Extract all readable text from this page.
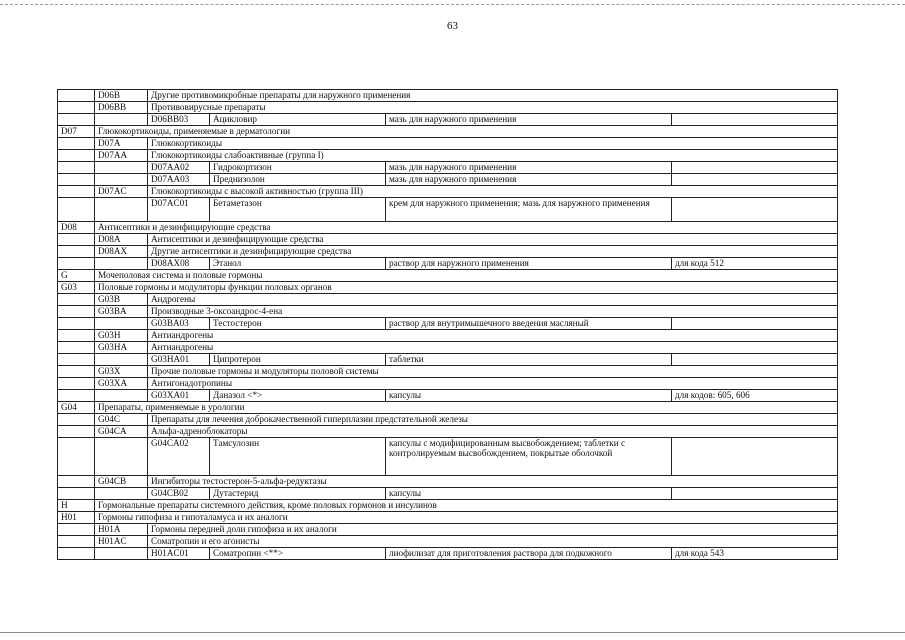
63
	D06B	Другие противомикробные препараты для наружного применения			
	D06BB	Противовирусные препараты			
		D06BB03	Ацикловир	мазь для наружного применения	
D07	Глюкокортикоиды, применяемые в дерматологии				
	D07A	Глюкокортикоиды			
	D07AA	Глюкокортикоиды слабоактивные (группа I)			
		D07AA02	Гидрокортизон	мазь для наружного применения	
		D07AA03	Преднизолон	мазь для наружного применения	
	D07AC	Глюкокортикоиды с высокой активностью (группа III)			
		D07AC01	Бетаметазон	крем для наружного применения; мазь для наружного применения	
D08	Антисептики и дезинфицирующие средства				
	D08A	Антисептики и дезинфицирующие средства			
	D08AX	Другие антисептики и дезинфицирующие средства			
		D08AX08	Этанол	раствор для наружного применения	для кода 512
G	Мочеполовая система и половые гормоны				
G03	Половые гормоны и модуляторы функции половых органов				
	G03B	Андрогены			
	G03BA	Производные 3-оксоандрос-4-ена			
		G03BA03	Тестостерон	раствор для внутримышечного введения масляный	
	G03H	Антиандрогены			
	G03HA	Антиандрогены			
		G03HA01	Ципротерон	таблетки	
	G03X	Прочие половые гормоны и модуляторы половой системы			
	G03XA	Антигонадотропины			
		G03XA01	Даназол <*>	капсулы	для кодов: 605, 606
G04	Препараты, применяемые в урологии				
	G04C	Препараты для лечения доброкачественной гиперплазии предстательной железы			
	G04CA	Альфа-адреноблокаторы			
		G04CA02	Тамсулозин	капсулы с модифицированным высвобождением; таблетки с контролируемым высвобождением, покрытые оболочкой	
	G04CB	Ингибиторы тестостерон-5-альфа-редуктазы			
		G04CB02	Дутастерид	капсулы	
H	Гормональные препараты системного действия, кроме половых гормонов и инсулинов				
H01	Гормоны гипофиза и гипоталамуса и их аналоги				
	H01A	Гормоны передней доли гипофиза и их аналоги			
	H01AC	Соматропин и его агонисты			
		H01AC01	Соматропин <**>	лиофилизат для приготовления раствора для подкожного	для кода 543
